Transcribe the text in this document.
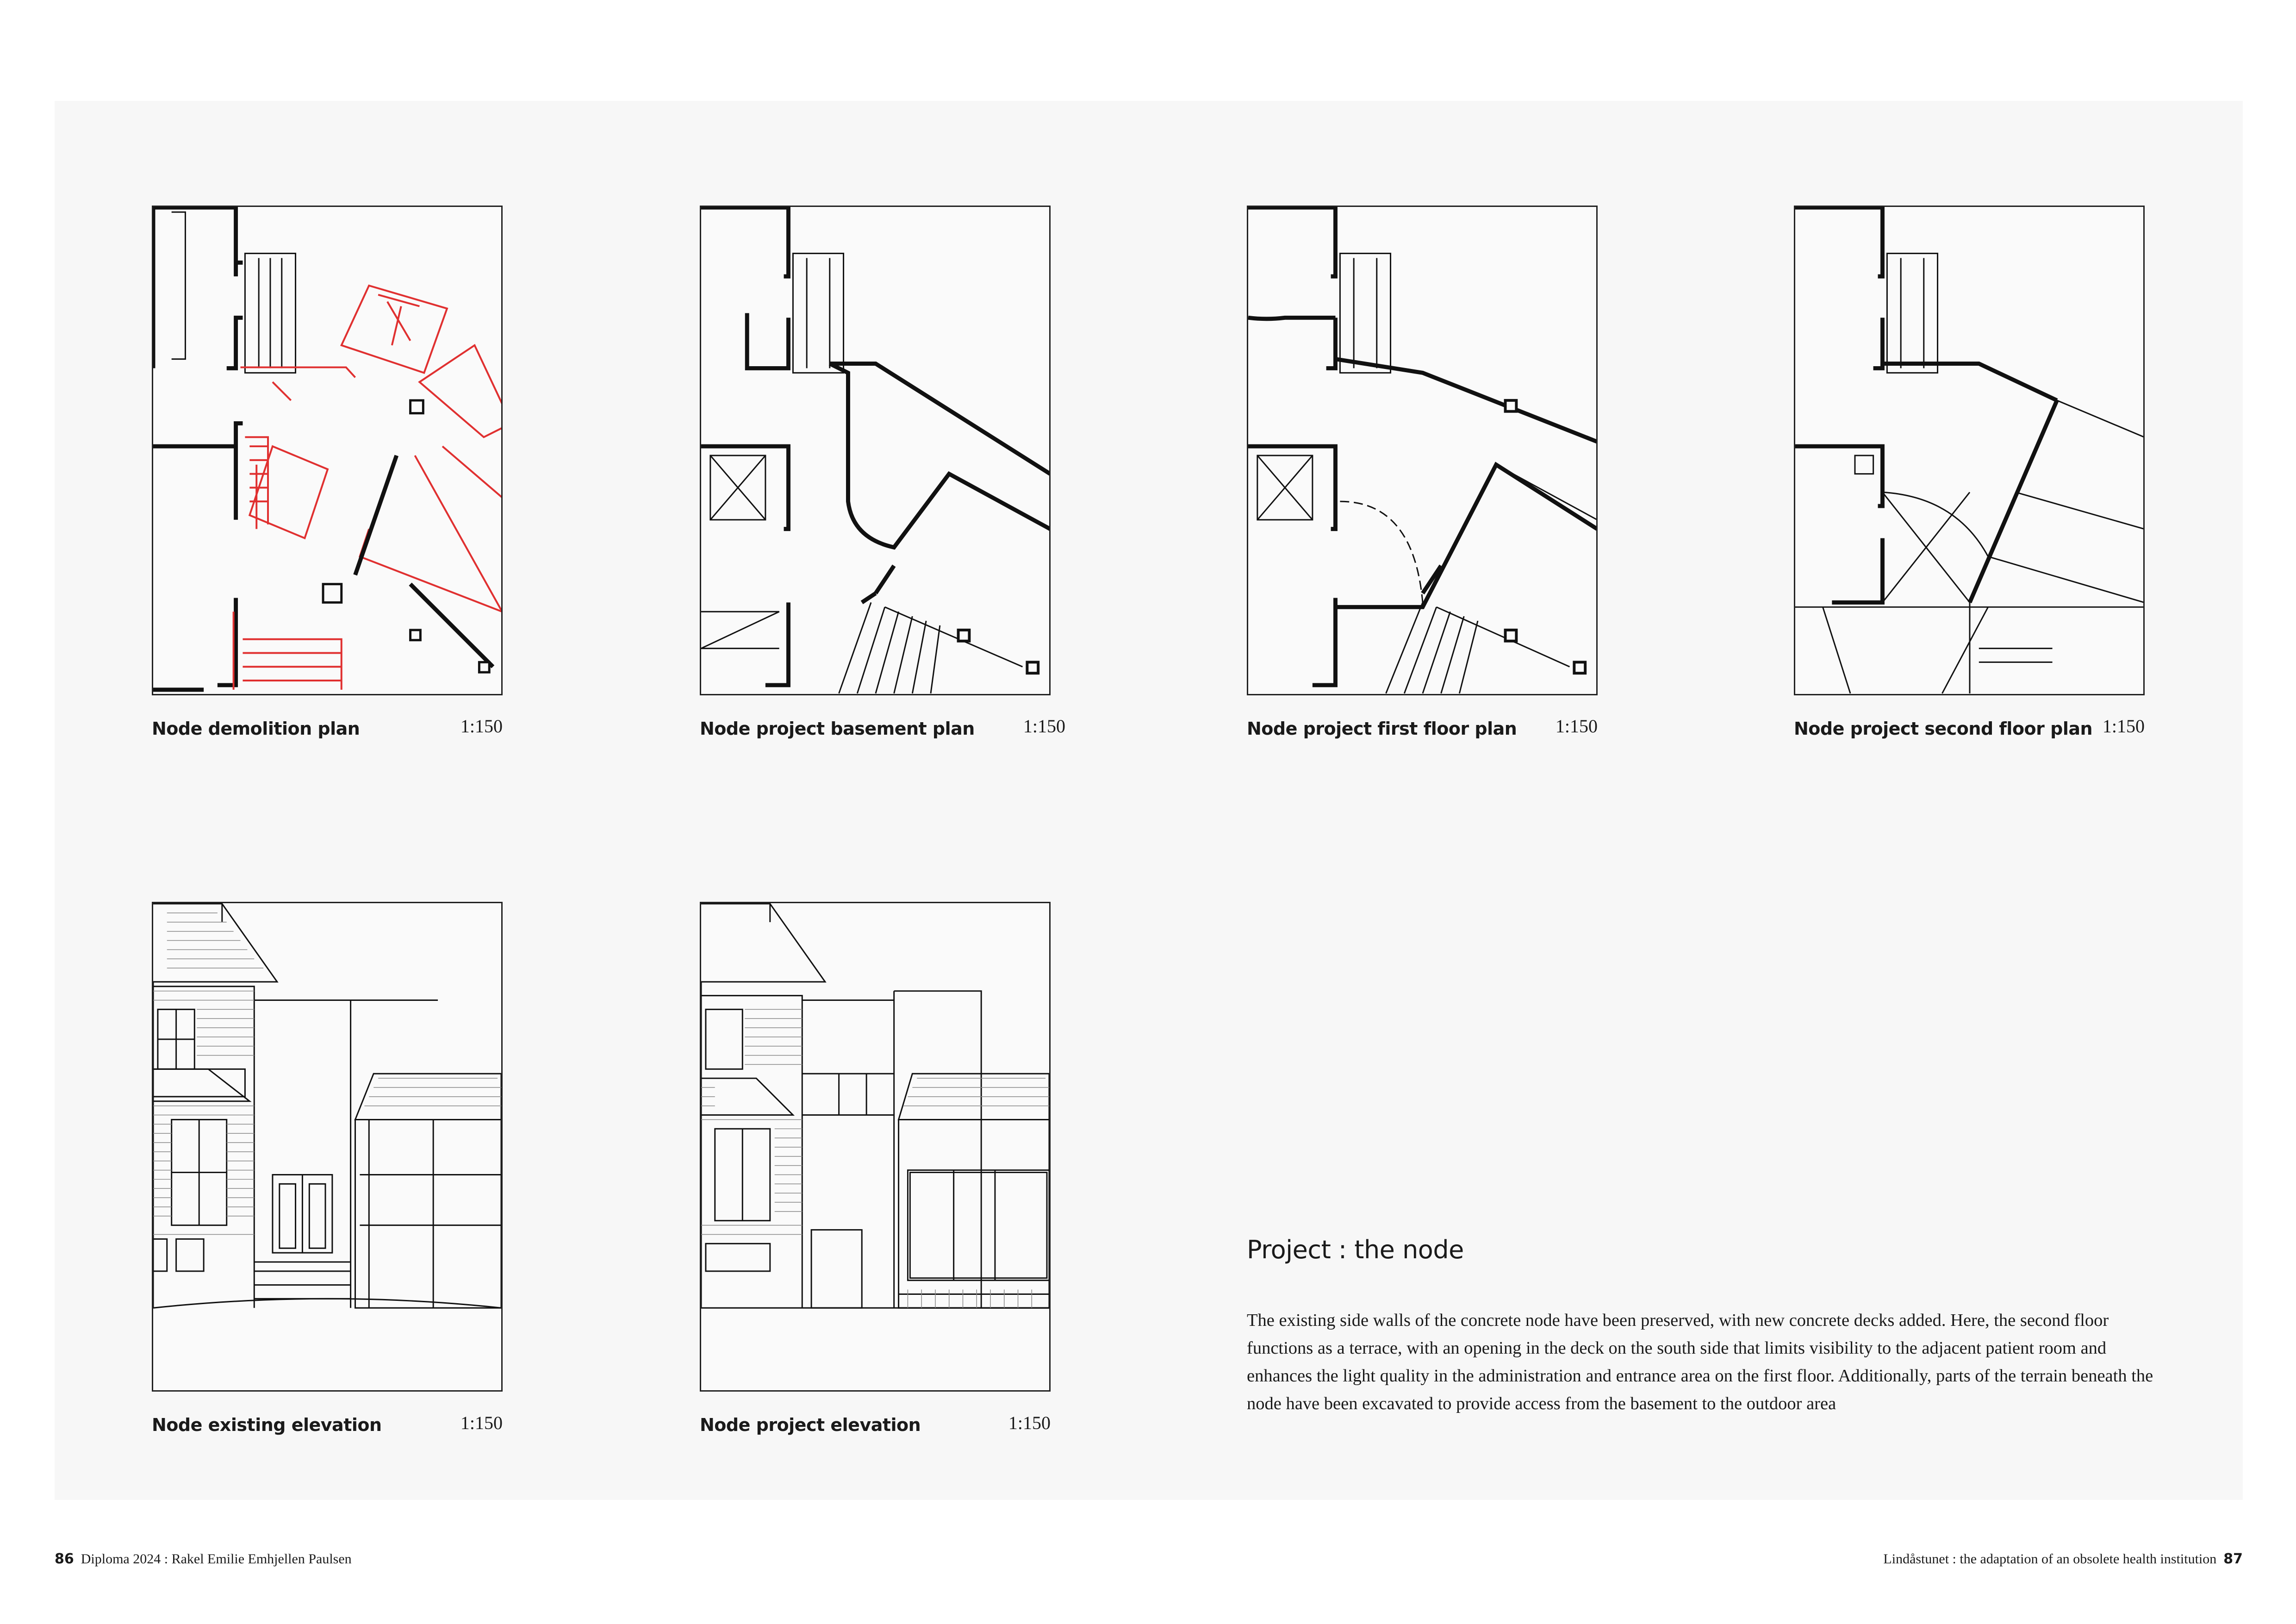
Node demolition plan	1:150	Node project basement plan	1:150	Node project first floor plan	1:150	Node project second floor plan 1:150
Node existing elevation	1:150	Node project elevation	1:150
Project : the node
The existing side walls of the concrete node have been preserved, with new concrete decks added. Here, the second floor functions as a terrace, with an opening in the deck on the south side that limits visibility to the adjacent patient room and enhances the light quality in the administration and entrance area on the first floor. Additionally, parts of the terrain beneath the node have been excavated to provide access from the basement to the outdoor area
86 Diploma 2024 : Rakel Emilie Emhjellen Paulsen	Lindåstunet : the adaptation of an obsolete health institution 87
